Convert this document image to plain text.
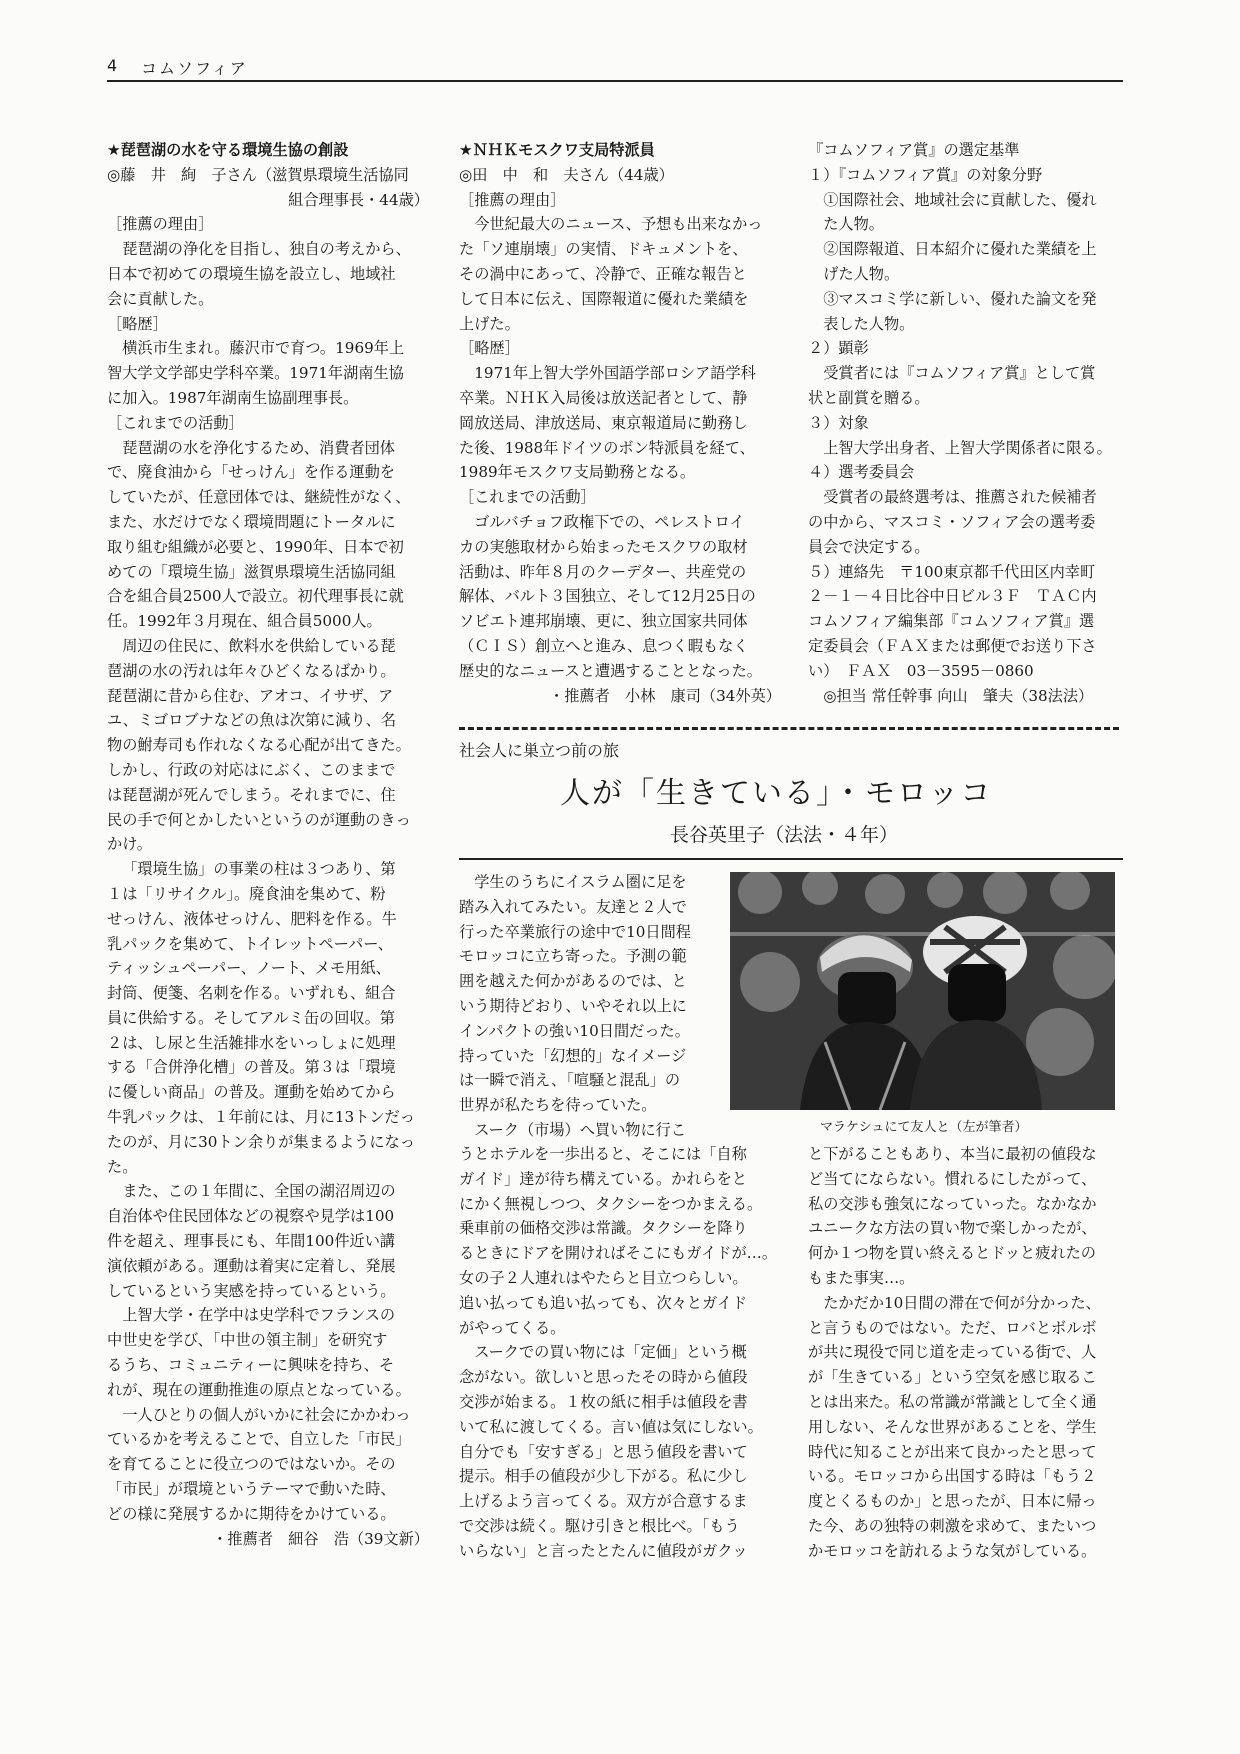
4 コムソフィア

★琵琶湖の水を守る環境生協の創設

◎藤　井　絢　子さん（滋賀県環境生活協同

組合理事長・44歳）

［推薦の理由］

琵琶湖の浄化を目指し、独自の考えから、
日本で初めての環境生協を設立し、地域社
会に貢献した。

［略歴］

横浜市生まれ。藤沢市で育つ。1969年上
智大学文学部史学科卒業。1971年湖南生協
に加入。1987年湖南生協副理事長。

［これまでの活動］

琵琶湖の水を浄化するため、消費者団体
で、廃食油から「せっけん」を作る運動を
していたが、任意団体では、継続性がなく、
また、水だけでなく環境問題にトータルに
取り組む組織が必要と、1990年、日本で初
めての「環境生協」滋賀県環境生活協同組
合を組合員2500人で設立。初代理事長に就
任。1992年３月現在、組合員5000人。

周辺の住民に、飲料水を供給している琵
琶湖の水の汚れは年々ひどくなるばかり。
琵琶湖に昔から住む、アオコ、イサザ、ア
ユ、ミゴロブナなどの魚は次第に減り、名
物の鮒寿司も作れなくなる心配が出てきた。
しかし、行政の対応はにぶく、このままで
は琵琶湖が死んでしまう。それまでに、住
民の手で何とかしたいというのが運動のきっ
かけ。

「環境生協」の事業の柱は３つあり、第
１は「リサイクル」。廃食油を集めて、粉
せっけん、液体せっけん、肥料を作る。牛
乳パックを集めて、トイレットペーパー、
ティッシュペーパー、ノート、メモ用紙、
封筒、便箋、名刺を作る。いずれも、組合
員に供給する。そしてアルミ缶の回収。第
２は、し尿と生活雑排水をいっしょに処理
する「合併浄化槽」の普及。第３は「環境
に優しい商品」の普及。運動を始めてから
牛乳パックは、１年前には、月に13トンだっ
たのが、月に30トン余りが集まるようになっ
た。

また、この１年間に、全国の湖沼周辺の
自治体や住民団体などの視察や見学は100
件を超え、理事長にも、年間100件近い講
演依頼がある。運動は着実に定着し、発展
しているという実感を持っているという。

上智大学・在学中は史学科でフランスの
中世史を学び、「中世の領主制」を研究す
るうち、コミュニティーに興味を持ち、そ
れが、現在の運動推進の原点となっている。

一人ひとりの個人がいかに社会にかかわっ
ているかを考えることで、自立した「市民」
を育てることに役立つのではないか。その
「市民」が環境というテーマで動いた時、
どの様に発展するかに期待をかけている。

・推薦者　細谷　浩（39文新）

★ＮＨＫモスクワ支局特派員

◎田　中　和　夫さん（44歳）

［推薦の理由］

今世紀最大のニュース、予想も出来なかっ
た「ソ連崩壊」の実情、ドキュメントを、
その渦中にあって、冷静で、正確な報告と
して日本に伝え、国際報道に優れた業績を
上げた。

［略歴］

1971年上智大学外国語学部ロシア語学科
卒業。ＮＨＫ入局後は放送記者として、静
岡放送局、津放送局、東京報道局に勤務し
た後、1988年ドイツのボン特派員を経て、
1989年モスクワ支局勤務となる。

［これまでの活動］

ゴルバチョフ政権下での、ペレストロイ
カの実態取材から始まったモスクワの取材
活動は、昨年８月のクーデター、共産党の
解体、バルト３国独立、そして12月25日の
ソビエト連邦崩壊、更に、独立国家共同体
（ＣＩＳ）創立へと進み、息つく暇もなく
歴史的なニュースと遭遇することとなった。

・推薦者　小林　康司（34外英）

『コムソフィア賞』の選定基準

１）『コムソフィア賞』の対象分野

①国際社会、地域社会に貢献した、優れ
た人物。

②国際報道、日本紹介に優れた業績を上
げた人物。

③マスコミ学に新しい、優れた論文を発
表した人物。

２）顕彰

受賞者には『コムソフィア賞』として賞
状と副賞を贈る。

３）対象

上智大学出身者、上智大学関係者に限る。

４）選考委員会

受賞者の最終選考は、推薦された候補者
の中から、マスコミ・ソフィア会の選考委
員会で決定する。

５）連絡先　〒100東京都千代田区内幸町
２－１－４日比谷中日ビル３Ｆ　ＴＡＣ内
コムソフィア編集部『コムソフィア賞』選
定委員会（ＦＡＸまたは郵便でお送り下さ
い）　ＦＡＸ　03－3595－0860

◎担当 常任幹事 向山　肇夫（38法法）

社会人に巣立つ前の旅
人が「生きている」・モロッコ
長谷英里子（法法・４年）
マラケシュにて友人と（左が筆者）

学生のうちにイスラム圏に足を
踏み入れてみたい。友達と２人で
行った卒業旅行の途中で10日間程
モロッコに立ち寄った。予測の範
囲を越えた何かがあるのでは、と
いう期待どおり、いやそれ以上に
インパクトの強い10日間だった。
持っていた「幻想的」なイメージ
は一瞬で消え、「喧騒と混乱」の
世界が私たちを待っていた。

スーク（市場）へ買い物に行こ

うとホテルを一歩出ると、そこには「自称
ガイド」達が待ち構えている。かれらをと
にかく無視しつつ、タクシーをつかまえる。
乗車前の価格交渉は常識。タクシーを降り
るときにドアを開ければそこにもガイドが…。
女の子２人連れはやたらと目立つらしい。
追い払っても追い払っても、次々とガイド
がやってくる。

スークでの買い物には「定価」という概
念がない。欲しいと思ったその時から値段
交渉が始まる。１枚の紙に相手は値段を書
いて私に渡してくる。言い値は気にしない。
自分でも「安すぎる」と思う値段を書いて
提示。相手の値段が少し下がる。私に少し
上げるよう言ってくる。双方が合意するま
で交渉は続く。駆け引きと根比べ。「もう
いらない」と言ったとたんに値段がガクッ

と下がることもあり、本当に最初の値段な
ど当てにならない。慣れるにしたがって、
私の交渉も強気になっていった。なかなか
ユニークな方法の買い物で楽しかったが、
何か１つ物を買い終えるとドッと疲れたの
もまた事実…。

たかだか10日間の滞在で何が分かった、
と言うものではない。ただ、ロバとボルボ
が共に現役で同じ道を走っている街で、人
が「生きている」という空気を感じ取るこ
とは出来た。私の常識が常識として全く通
用しない、そんな世界があることを、学生
時代に知ることが出来て良かったと思って
いる。モロッコから出国する時は「もう２
度とくるものか」と思ったが、日本に帰っ
た今、あの独特の刺激を求めて、またいつ
かモロッコを訪れるような気がしている。
